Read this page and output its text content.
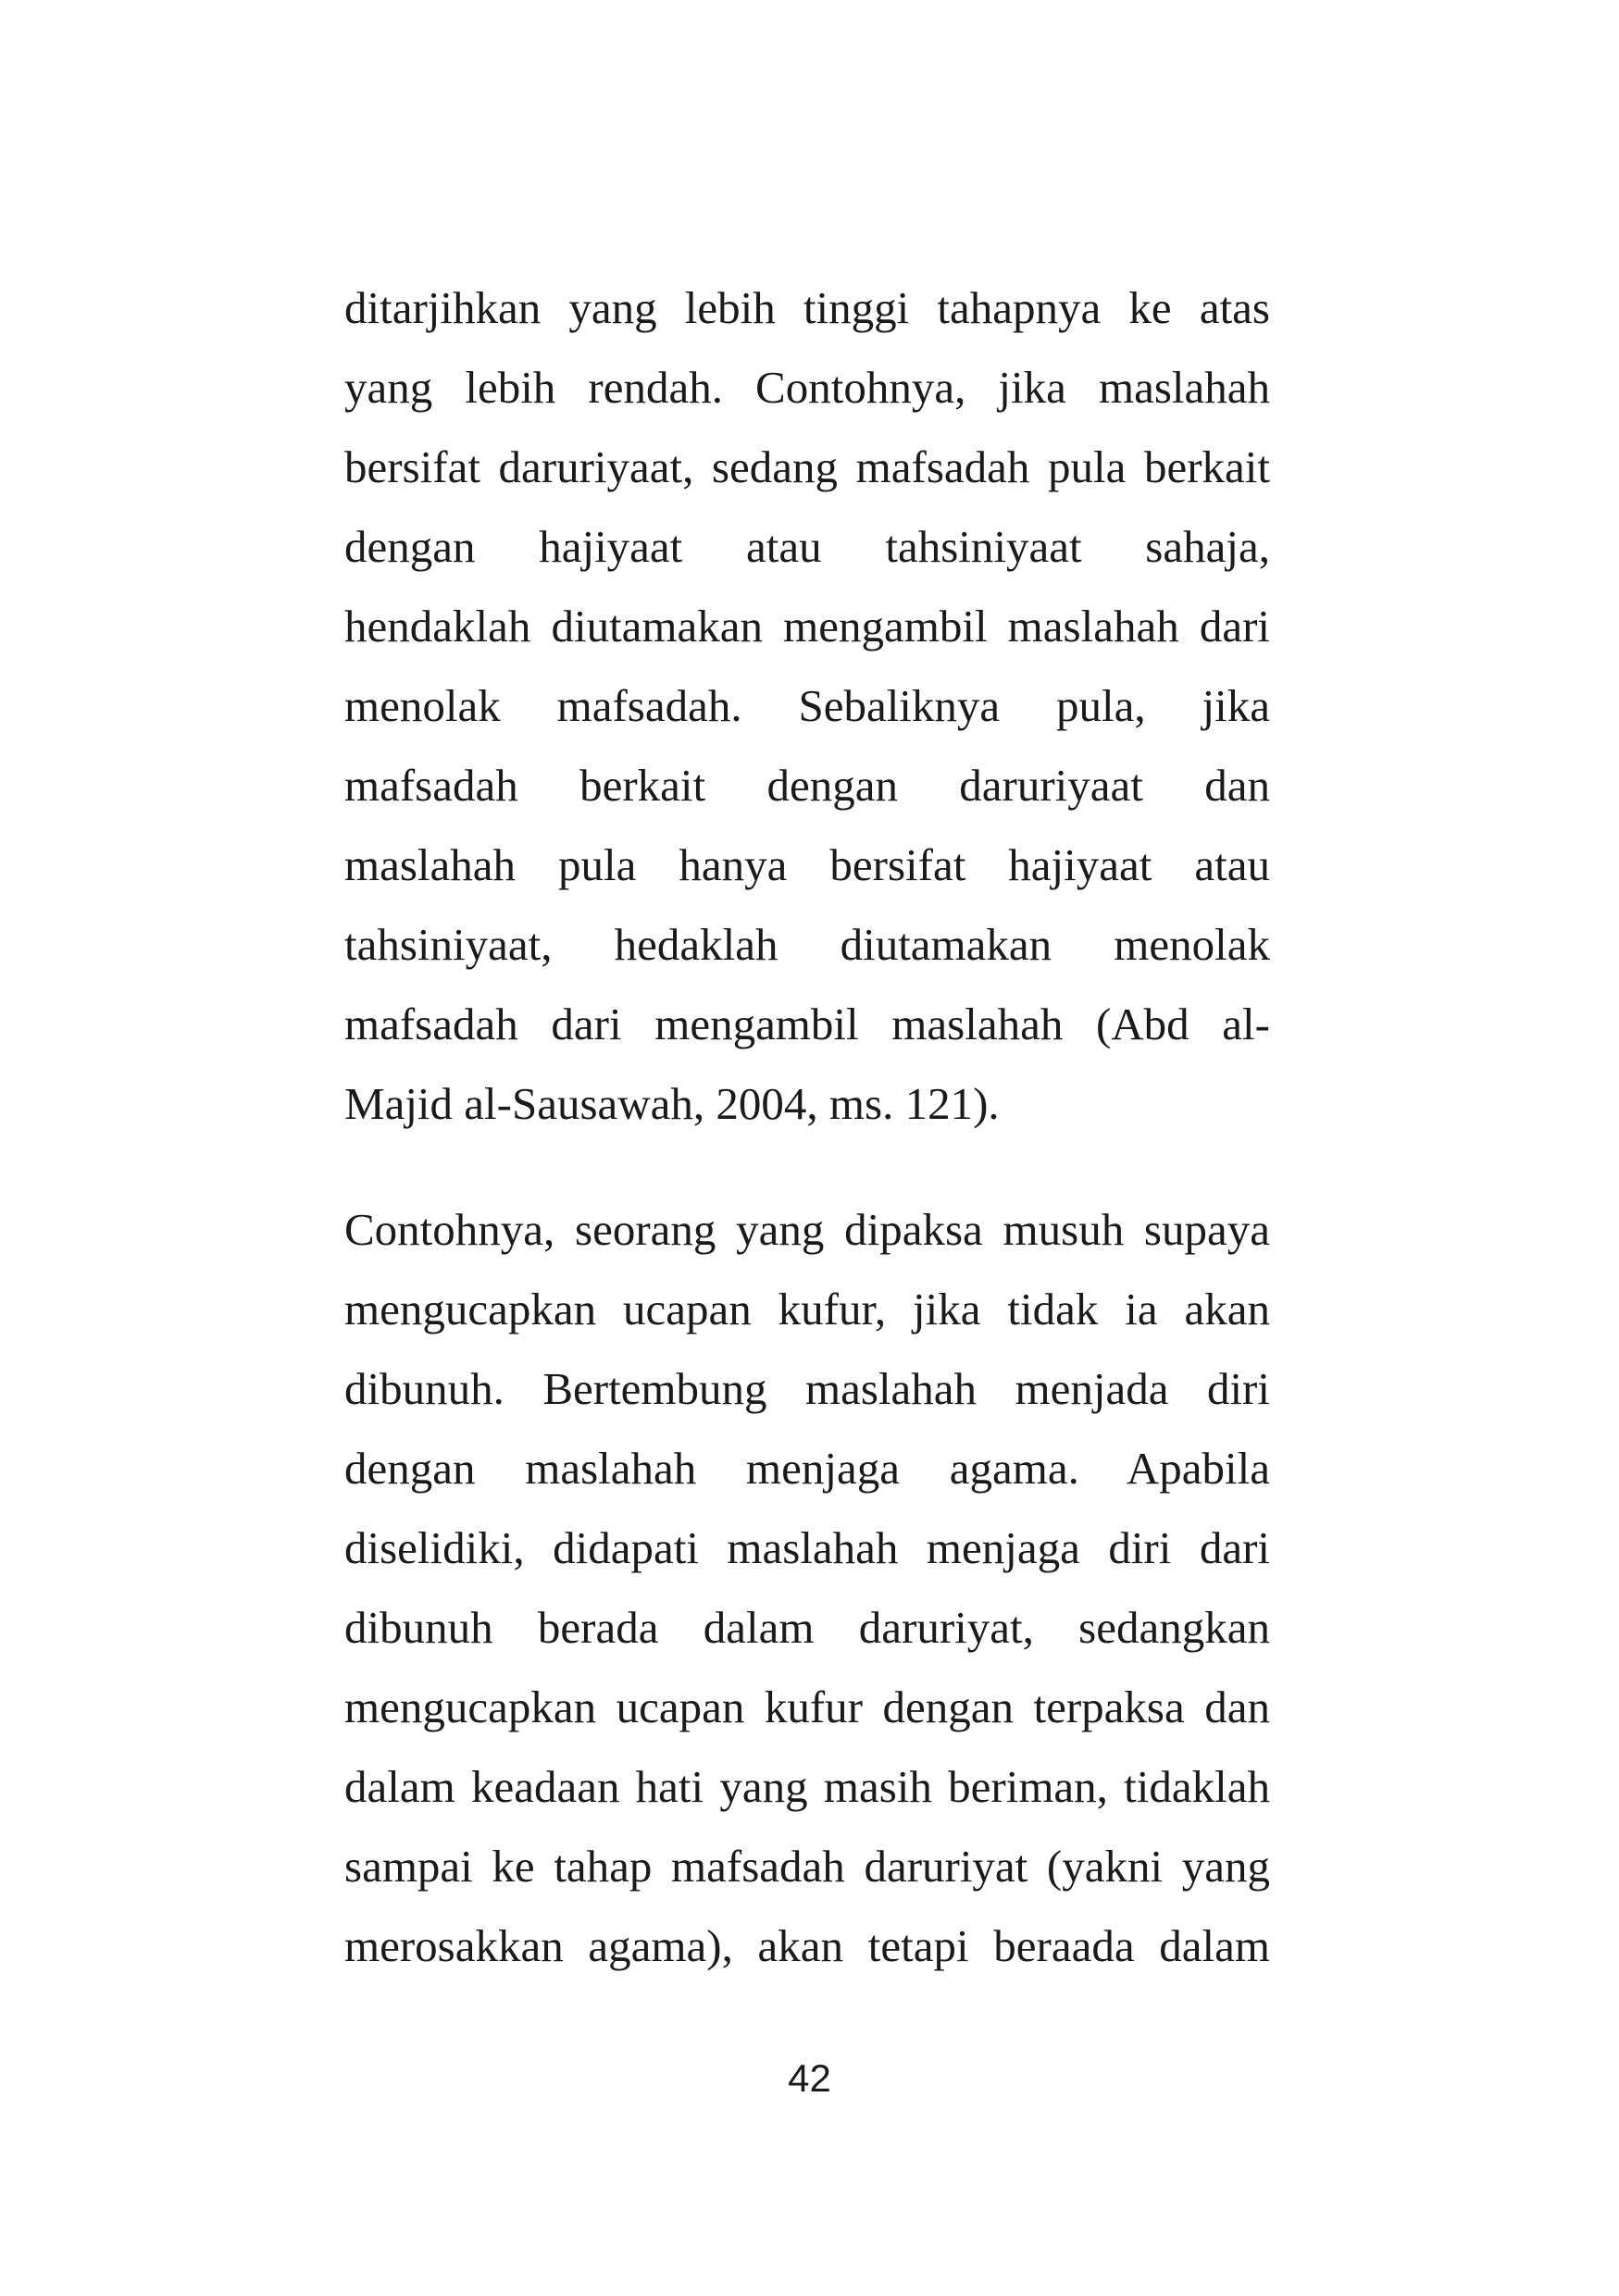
ditarjihkan yang lebih tinggi tahapnya ke atas
yang lebih rendah. Contohnya, jika maslahah
bersifat daruriyaat, sedang mafsadah pula berkait
dengan hajiyaat atau tahsiniyaat sahaja,
hendaklah diutamakan mengambil maslahah dari
menolak mafsadah. Sebaliknya pula, jika
mafsadah berkait dengan daruriyaat dan
maslahah pula hanya bersifat hajiyaat atau
tahsiniyaat, hedaklah diutamakan menolak
mafsadah dari mengambil maslahah (Abd al-
Majid al-Sausawah, 2004, ms. 121).
Contohnya, seorang yang dipaksa musuh supaya
mengucapkan ucapan kufur, jika tidak ia akan
dibunuh. Bertembung maslahah menjada diri
dengan maslahah menjaga agama. Apabila
diselidiki, didapati maslahah menjaga diri dari
dibunuh berada dalam daruriyat, sedangkan
mengucapkan ucapan kufur dengan terpaksa dan
dalam keadaan hati yang masih beriman, tidaklah
sampai ke tahap mafsadah daruriyat (yakni yang
merosakkan agama), akan tetapi beraada dalam
42
